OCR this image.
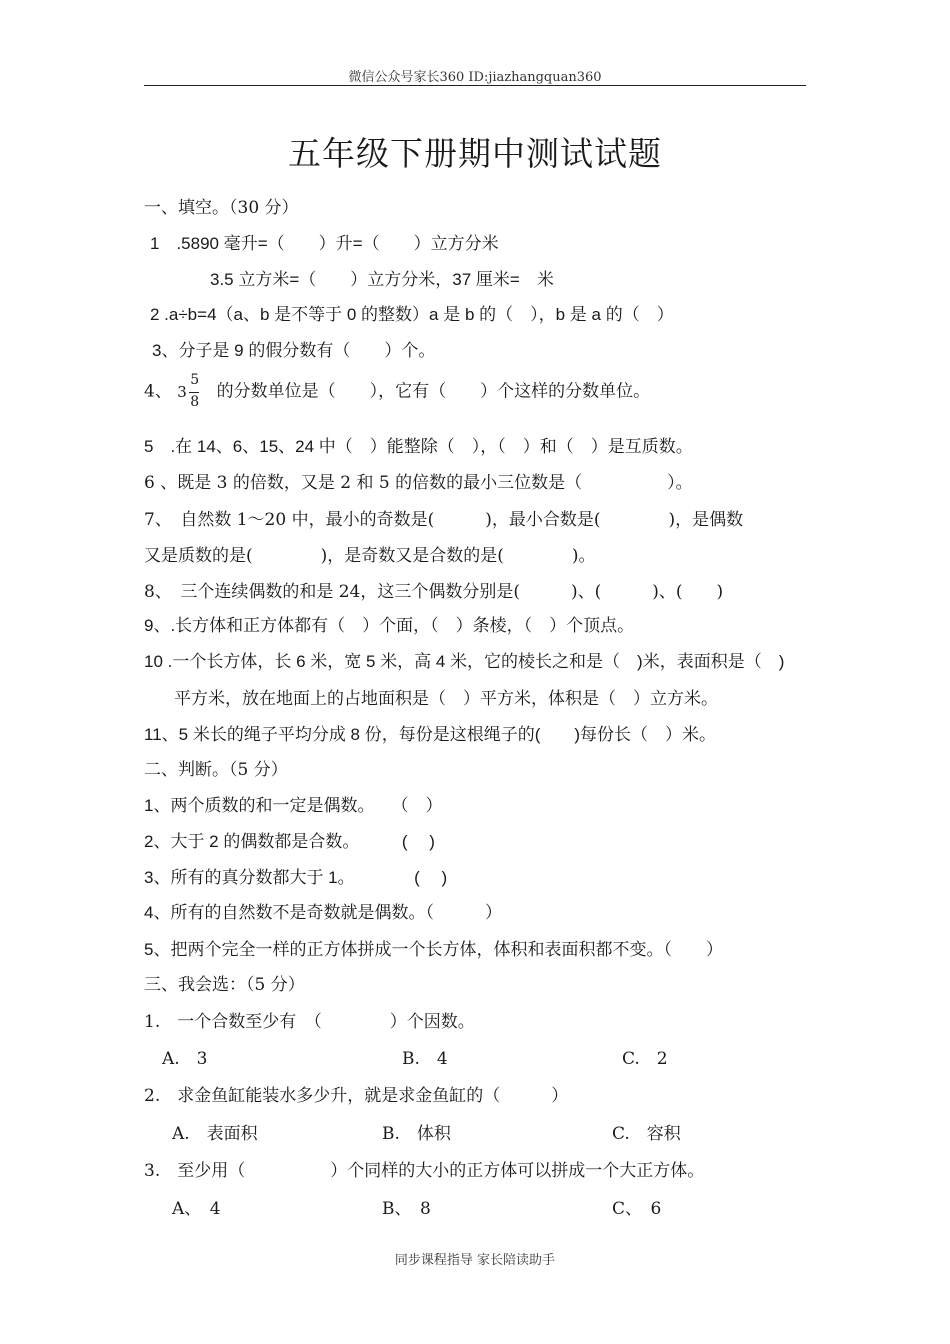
微信公众号家长360 ID:jiazhangquan360
五年级下册期中测试试题
一、填空。（30 分）
1　.5890 毫升=（　　）升=（　　）立方分米
3.5 立方米=（　　）立方分米，37 厘米=　米
2 .a÷b=4（a、b 是不等于 0 的整数）a 是 b 的（　），b 是 a 的（　）
3、分子是 9 的假分数有（　　）个。
4、 3
5
8
的分数单位是（　　），它有（　　）个这样的分数单位。
5　.在 14、6、15、24 中（　）能整除（　），（　）和（　）是互质数。
6 、既是 3 的倍数，又是 2 和 5 的倍数的最小三位数是（　　　　　）。
7、　自然数 1～20 中，最小的奇数是(　　　)，最小合数是(　　　　)，是偶数
又是质数的是(　　　　)，是奇数又是合数的是(　　　　)。
8、　三个连续偶数的和是 24，这三个偶数分别是(　　　)、(　　　)、(　　)
9、.长方体和正方体都有（　）个面，（　）条棱，（　）个顶点。
10 .一个长方体，长 6 米，宽 5 米，高 4 米，它的棱长之和是（　)米，表面积是（　)
平方米，放在地面上的占地面积是（　）平方米，体积是（　）立方米。
11、5 米长的绳子平均分成 8 份，每份是这根绳子的(　　)每份长（　）米。
二、判断。（5 分）
1、两个质数的和一定是偶数。　　（　）
2、大于 2 的偶数都是合数。　　　( 　)
3、所有的真分数都大于 1。　　　　( 　)
4、所有的自然数不是奇数就是偶数。（　　　）
5、把两个完全一样的正方体拼成一个长方体，体积和表面积都不变。（　　）
三、我会选：（5 分）
1.　一个合数至少有　（　　　　）个因数。
A.　3	B.　4	C.　2
2.　求金鱼缸能装水多少升，就是求金鱼缸的（　　　）
A.　表面积	B.　体积	C.　容积
3.　至少用（　　　　　）个同样的大小的正方体可以拼成一个大正方体。
A、　4	B、　8	C、　6
同步课程指导 家长陪读助手
